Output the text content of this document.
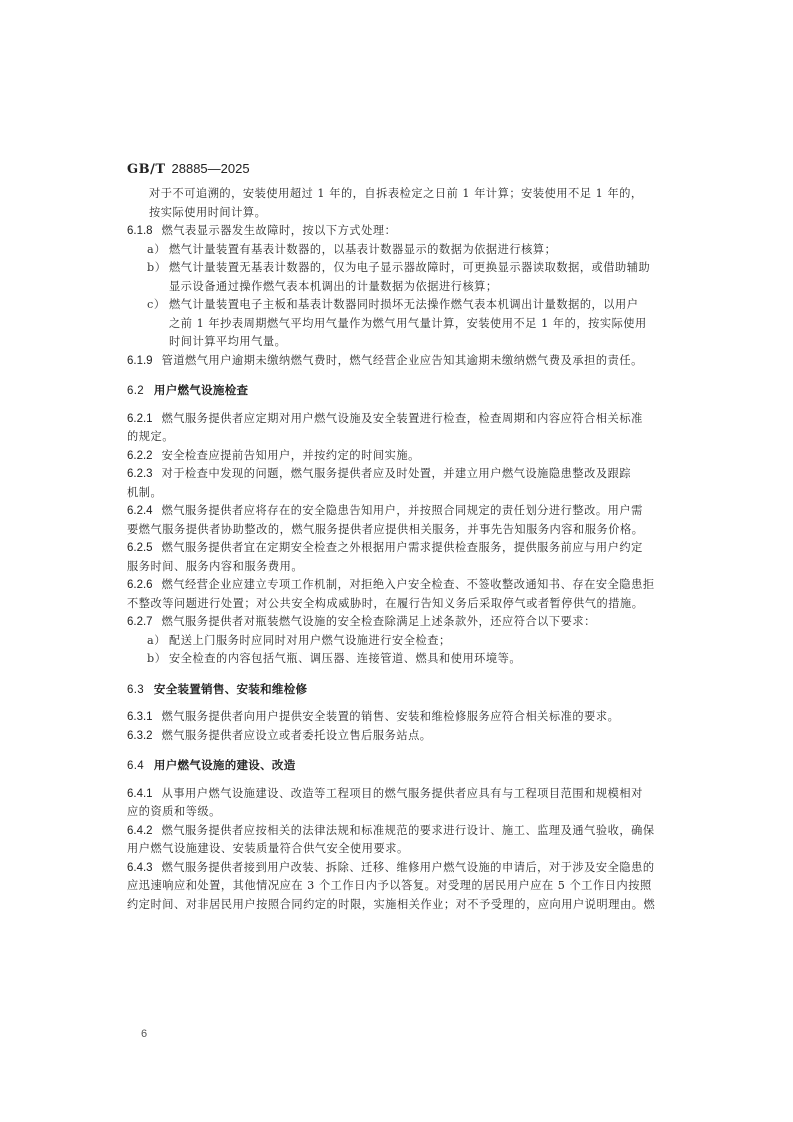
GB/T 28885—2025
对于不可追溯的，安装使用超过 1 年的，自拆表检定之日前 1 年计算；安装使用不足 1 年的，
按实际使用时间计算。
6.1.8 燃气表显示器发生故障时，按以下方式处理：
a） 燃气计量装置有基表计数器的，以基表计数器显示的数据为依据进行核算；
b） 燃气计量装置无基表计数器的，仅为电子显示器故障时，可更换显示器读取数据，或借助辅助
显示设备通过操作燃气表本机调出的计量数据为依据进行核算；
c） 燃气计量装置电子主板和基表计数器同时损坏无法操作燃气表本机调出计量数据的，以用户
之前 1 年抄表周期燃气平均用气量作为燃气用气量计算，安装使用不足 1 年的，按实际使用
时间计算平均用气量。
6.1.9 管道燃气用户逾期未缴纳燃气费时，燃气经营企业应告知其逾期未缴纳燃气费及承担的责任。
6.2 用户燃气设施检查
6.2.1 燃气服务提供者应定期对用户燃气设施及安全装置进行检查，检查周期和内容应符合相关标准
的规定。
6.2.2 安全检查应提前告知用户，并按约定的时间实施。
6.2.3 对于检查中发现的问题，燃气服务提供者应及时处置，并建立用户燃气设施隐患整改及跟踪
机制。
6.2.4 燃气服务提供者应将存在的安全隐患告知用户，并按照合同规定的责任划分进行整改。用户需
要燃气服务提供者协助整改的，燃气服务提供者应提供相关服务，并事先告知服务内容和服务价格。
6.2.5 燃气服务提供者宜在定期安全检查之外根据用户需求提供检查服务，提供服务前应与用户约定
服务时间、服务内容和服务费用。
6.2.6 燃气经营企业应建立专项工作机制，对拒绝入户安全检查、不签收整改通知书、存在安全隐患拒
不整改等问题进行处置；对公共安全构成威胁时，在履行告知义务后采取停气或者暂停供气的措施。
6.2.7 燃气服务提供者对瓶装燃气设施的安全检查除满足上述条款外，还应符合以下要求：
a） 配送上门服务时应同时对用户燃气设施进行安全检查；
b） 安全检查的内容包括气瓶、调压器、连接管道、燃具和使用环境等。
6.3 安全装置销售、安装和维检修
6.3.1 燃气服务提供者向用户提供安全装置的销售、安装和维检修服务应符合相关标准的要求。
6.3.2 燃气服务提供者应设立或者委托设立售后服务站点。
6.4 用户燃气设施的建设、改造
6.4.1 从事用户燃气设施建设、改造等工程项目的燃气服务提供者应具有与工程项目范围和规模相对
应的资质和等级。
6.4.2 燃气服务提供者应按相关的法律法规和标准规范的要求进行设计、施工、监理及通气验收，确保
用户燃气设施建设、安装质量符合供气安全使用要求。
6.4.3 燃气服务提供者接到用户改装、拆除、迁移、维修用户燃气设施的申请后，对于涉及安全隐患的
应迅速响应和处置，其他情况应在 3 个工作日内予以答复。对受理的居民用户应在 5 个工作日内按照
约定时间、对非居民用户按照合同约定的时限，实施相关作业；对不予受理的，应向用户说明理由。燃
6
